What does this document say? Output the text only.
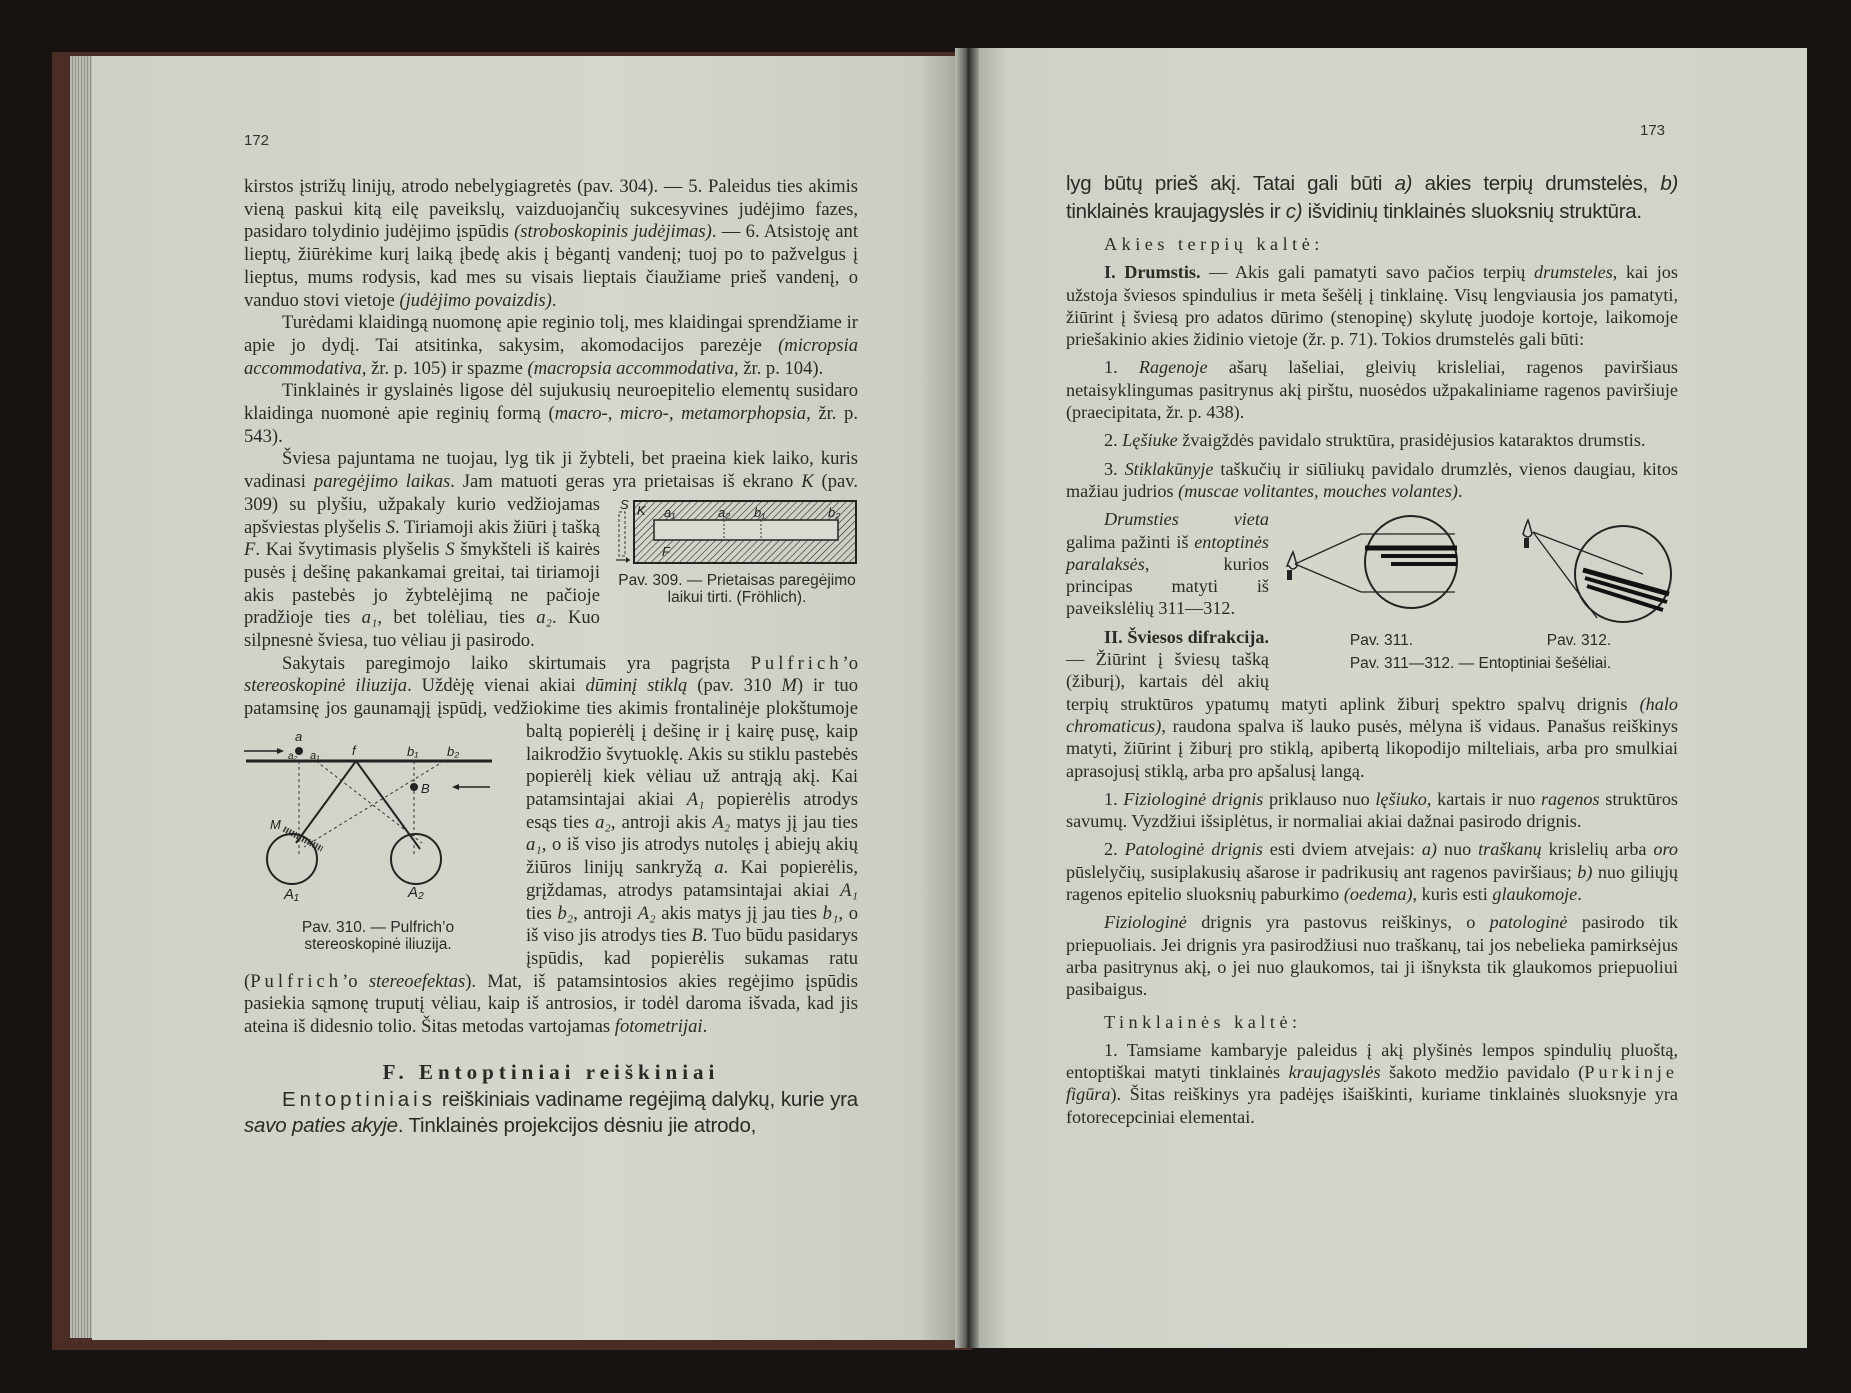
172
173

kirstos įstrižų linijų, atrodo nebelygiagretės (pav. 304). — 5. Paleidus ties akimis vieną paskui kitą eilę paveikslų, vaizduojančių sukcesyvines judėjimo fazes, pasidaro tolydinio judėjimo įspūdis (stroboskopinis judėjimas). — 6. Atsistoję ant lieptų, žiūrėkime kurį laiką įbedę akis į bėgantį vandenį; tuoj po to pažvelgus į lieptus, mums rodysis, kad mes su visais lieptais čiaužiame prieš vandenį, o vanduo stovi vietoje (judėjimo povaizdis).

Turėdami klaidingą nuomonę apie reginio tolį, mes klaidingai sprendžiame ir apie jo dydį. Tai atsitinka, sakysim, akomodacijos parezėje (micropsia accommodativa, žr. p. 105) ir spazme (macropsia accommodativa, žr. p. 104).

Tinklainės ir gyslainės ligose dėl sujukusių neuroepitelio elementų susidaro klaidinga nuomonė apie reginių formą (macro-, micro-, metamorphopsia, žr. p. 543).

Šviesa pajuntama ne tuojau, lyg tik ji žybteli, bet praeina kiek laiko, kuris vadinasi paregėjimo laikas. Jam matuoti geras yra prietaisas iš ekrano
S K a₁	a₂ b₁	b₂
F
Pav. 309. — Prietaisas paregėjimo laikui tirti. (Fröhlich).
K (pav. 309) su plyšiu, užpakaly kurio vedžiojamas apšviestas plyšelis S. Tiriamoji akis žiūri į tašką F. Kai švytimasis plyšelis S šmykšteli iš kairės pusės į dešinę pakankamai greitai, tai tiriamoji akis pastebės jo žybtelėjimą ne pačioje pradžioje ties a₁, bet tolėliau, ties a₂. Kuo silpnesnė šviesa, tuo vėliau ji pasirodo.

Sakytais paregimojo laiko skirtumais yra pagrįsta Pulfrich’o stereoskopinė iliuzija. Uždėję vienai akiai dūminį stiklą (pav. 310 M) ir tuo patamsinę jos gaunamąjį įspūdį, vedžiokime ties akimis frontalinėje
a
a₂ a₁ f	b₁ b₂
B
M
A₁	A₂
Pav. 310. — Pulfrich’o stereoskopinė iliuzija.
plokštumoje baltą popierėlį į dešinę ir į kairę pusę, kaip laikrodžio švytuoklę. Akis su stiklu pastebės popierėlį kiek vėliau už antrąją akį. Kai patamsintajai akiai A₁ popierėlis atrodys esąs ties a₂, antroji akis A₂ matys jį jau ties a₁, o iš viso jis atrodys nutolęs į abiejų akių žiūros linijų sankryžą a. Kai popierėlis, grįždamas, atrodys patamsintajai akiai A₁ ties b₂, antroji A₂ akis matys jį jau ties b₁, o iš viso jis atrodys ties B. Tuo būdu pasidarys įspūdis, kad popierėlis sukamas ratu (Pulfrich’o stereoefektas). Mat, iš patamsintosios akies regėjimo įspūdis pasiekia sąmonę truputį vėliau, kaip iš antrosios, ir todėl daroma išvada, kad jis ateina iš didesnio tolio. Šitas metodas vartojamas fotometrijai.

F. Entoptiniai reiškiniai

Entoptiniais reiškiniais vadiname regėjimą dalykų, kurie yra savo paties akyje. Tinklainės projekcijos dėsniu jie atrodo,

lyg būtų prieš akį. Tatai gali būti a) akies terpių drumstelės, b) tinklainės kraujagyslės ir c) išvidinių tinklainės sluoksnių struktūra.

Akies terpių kaltė:

I. Drumstis. — Akis gali pamatyti savo pačios terpių drumsteles, kai jos užstoja šviesos spindulius ir meta šešėlį į tinklainę. Visų lengviausia jos pamatyti, žiūrint į šviesą pro adatos dūrimo (stenopinę) skylutę juodoje kortoje, laikomoje priešakinio akies židinio vietoje (žr. p. 71). Tokios drumstelės gali būti:

1. Ragenoje ašarų lašeliai, gleivių krisleliai, ragenos paviršiaus netaisyklingumas pasitrynus akį pirštu, nuosėdos užpakaliniame ragenos paviršiuje (praecipitata, žr. p. 438).

2. Lęšiuke žvaigždės pavidalo struktūra, prasidėjusios kataraktos drumstis.

3. Stiklakūnyje taškučių ir siūliukų pavidalo drumzlės, vienos daugiau, kitos mažiau judrios (muscae volitantes, mouches volantes).

Pav. 311.	Pav. 312.
Pav. 311—312. — Entoptiniai šešėliai.
Drumsties vieta galima pažinti iš entoptinės paralaksės, kurios principas matyti iš paveikslėlių 311—312.

II. Šviesos difrakcija. — Žiūrint į šviesų tašką (žiburį), kartais dėl akių terpių struktūros ypatumų matyti aplink žiburį spektro spalvų drignis (halo chromaticus), raudona spalva iš lauko pusės, mėlyna iš vidaus. Panašus reiškinys matyti, žiūrint į žiburį pro stiklą, apibertą likopodijo milteliais, arba pro smulkiai aprasojusį stiklą, arba pro apšalusį langą.

1. Fiziologinė drignis priklauso nuo lęšiuko, kartais ir nuo ragenos struktūros savumų. Vyzdžiui išsiplėtus, ir normaliai akiai dažnai pasirodo drignis.

2. Patologinė drignis esti dviem atvejais: a) nuo traškanų krislelių arba oro pūslelyčių, susiplakusių ašarose ir padrikusių ant ragenos paviršiaus; b) nuo giliųjų ragenos epitelio sluoksnių paburkimo (oedema), kuris esti glaukomoje.

Fiziologinė drignis yra pastovus reiškinys, o patologinė pasirodo tik priepuoliais. Jei drignis yra pasirodžiusi nuo traškanų, tai jos nebelieka pamirksėjus arba pasitrynus akį, o jei nuo glaukomos, tai ji išnyksta tik glaukomos priepuoliui pasibaigus.

Tinklainės kaltė:

1. Tamsiame kambaryje paleidus į akį plyšinės lempos spindulių pluoštą, entoptiškai matyti tinklainės kraujagyslės šakoto medžio pavidalo (Purkinje figūra). Šitas reiškinys yra padėjęs išaiškinti, kuriame tinklainės sluoksnyje yra fotorecepciniai elementai.
